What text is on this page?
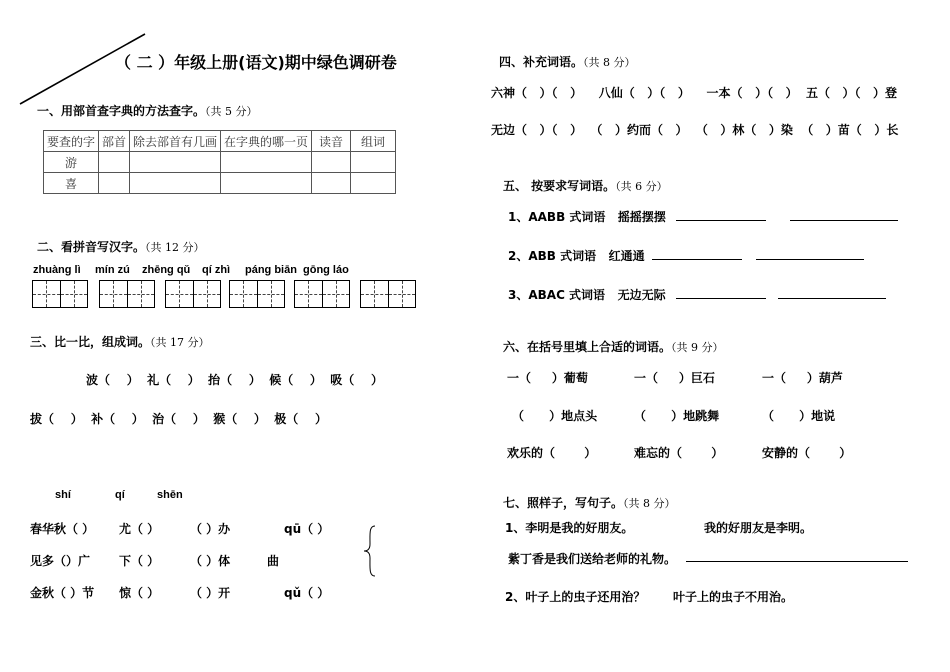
（ 二 ）年级上册(语文)期中绿色调研卷
一、用部首查字典的方法查字。（共 5 分）
要查的字	部首	除去部首有几画	在字典的哪一页	读音	组词
游					
喜					
二、看拼音写汉字。（共 12 分）
zhuàng lì mín zú zhēng qǔ qí zhì páng biān gōng láo
三、比一比，组成词。（共 17 分）
波（    ）  礼（    ）  抬（    ）  候（    ）  吸（    ）
拔（    ）  补（    ）  治（    ）  猴（    ）  极（    ）
shí	qí	shēn
春华秋（ ） 尤（ ）	（ ）办	qū（ ）
见多（）广 下（ ）	（ ）体	曲
金秋（ ）节 惊（ ）	（ ）开	qǔ（ ）
四、补充词语。（共 8 分）
六神（   ）（   ）    八仙（   ）（   ）    一本（   ）（   ）  五（   ）（   ）登
无边（   ）（   ）  （   ）约而（   ）  （   ）林（   ）染  （   ）苗（   ）长
五、 按要求写词语。（共 6 分）
1、AABB 式词语   摇摇摆摆
2、ABB 式词语   红通通
3、ABAC 式词语   无边无际
六、在括号里填上合适的词语。（共 9 分）
一（     ）葡萄	一（     ）巨石	一（     ）葫芦
（      ）地点头	（      ）地跳舞	（      ）地说
欢乐的（       ）	难忘的（       ）	安静的（       ）
七、照样子，写句子。（共 8 分）
1、李明是我的好朋友。	我的好朋友是李明。
紫丁香是我们送给老师的礼物。
2、叶子上的虫子还用治？ 叶子上的虫子不用治。
